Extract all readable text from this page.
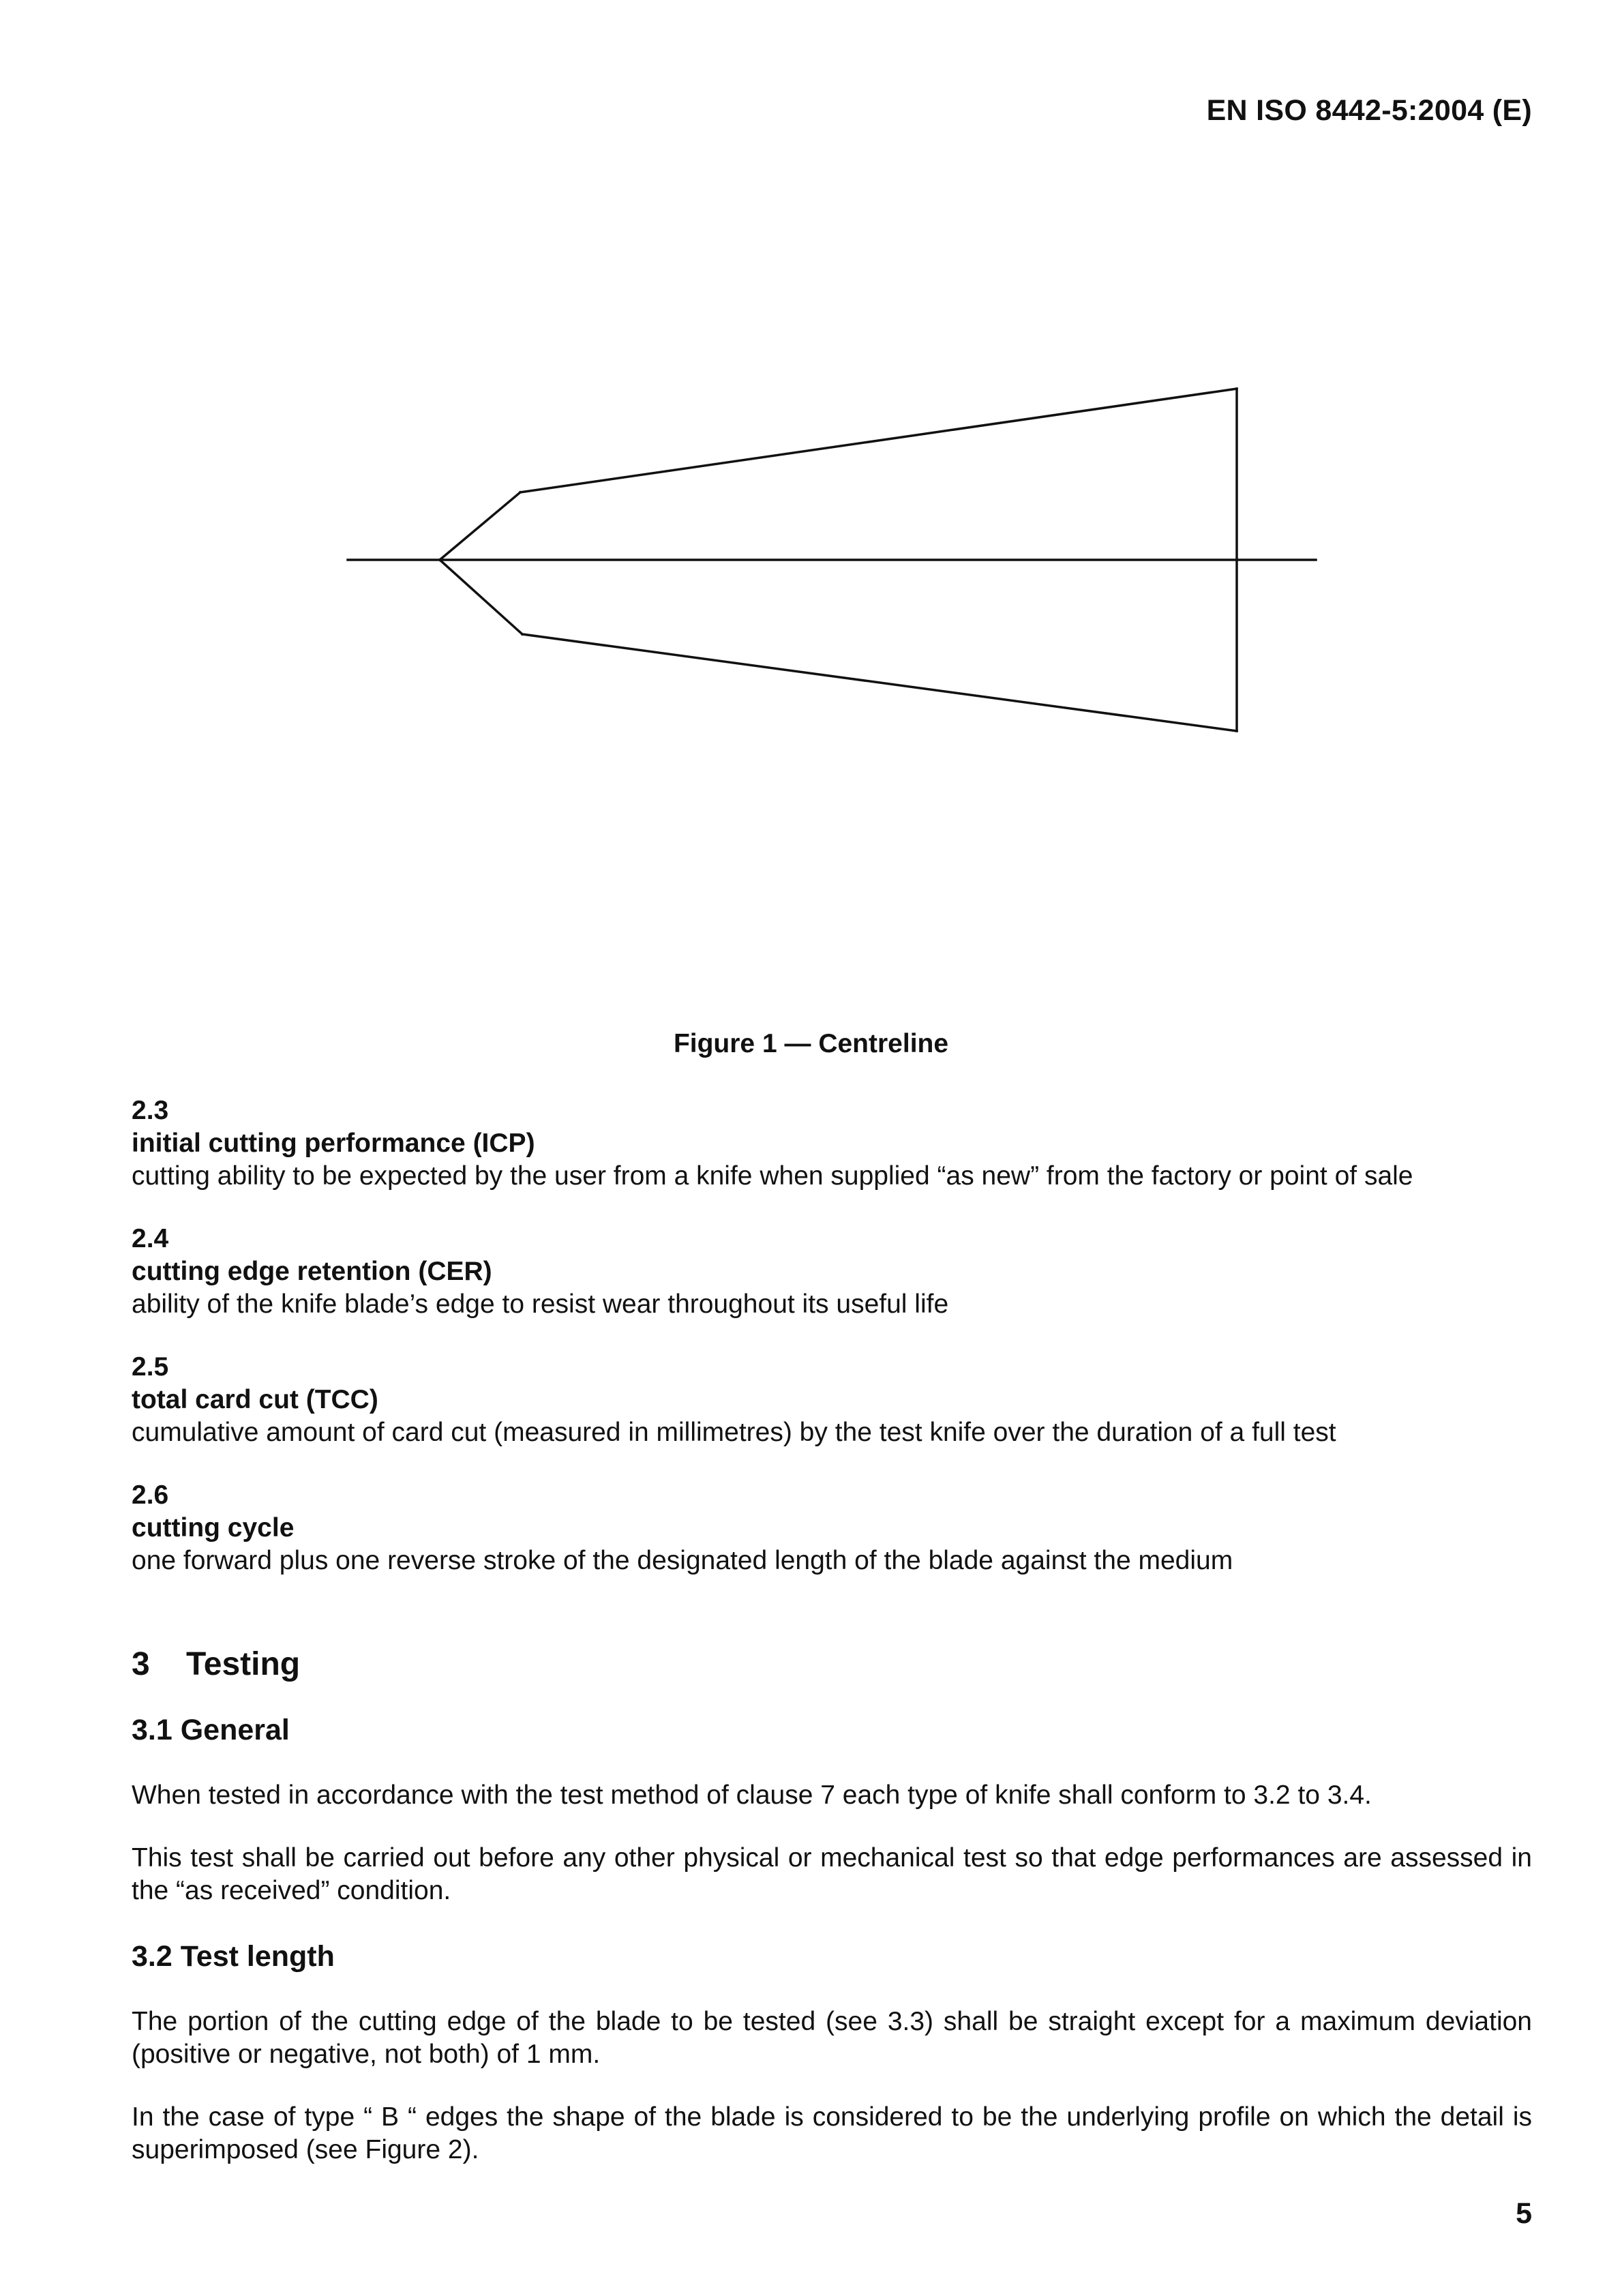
EN ISO 8442-5:2004 (E)
Figure 1 — Centreline
2.3
initial cutting performance (ICP)
cutting ability to be expected by the user from a knife when supplied “as new” from the factory or point of sale
2.4
cutting edge retention (CER)
ability of the knife blade’s edge to resist wear throughout its useful life
2.5
total card cut (TCC)
cumulative amount of card cut (measured in millimetres) by the test knife over the duration of a full test
2.6
cutting cycle
one forward plus one reverse stroke of the designated length of the blade against the medium
3 Testing
3.1 General
When tested in accordance with the test method of clause 7 each type of knife shall conform to 3.2 to 3.4.
This test shall be carried out before any other physical or mechanical test so that edge performances are assessed in the “as received” condition.
3.2 Test length
The portion of the cutting edge of the blade to be tested (see 3.3) shall be straight except for a maximum deviation (positive or negative, not both) of 1 mm.
In the case of type “ B “ edges the shape of the blade is considered to be the underlying profile on which the detail is superimposed (see Figure 2).
5
